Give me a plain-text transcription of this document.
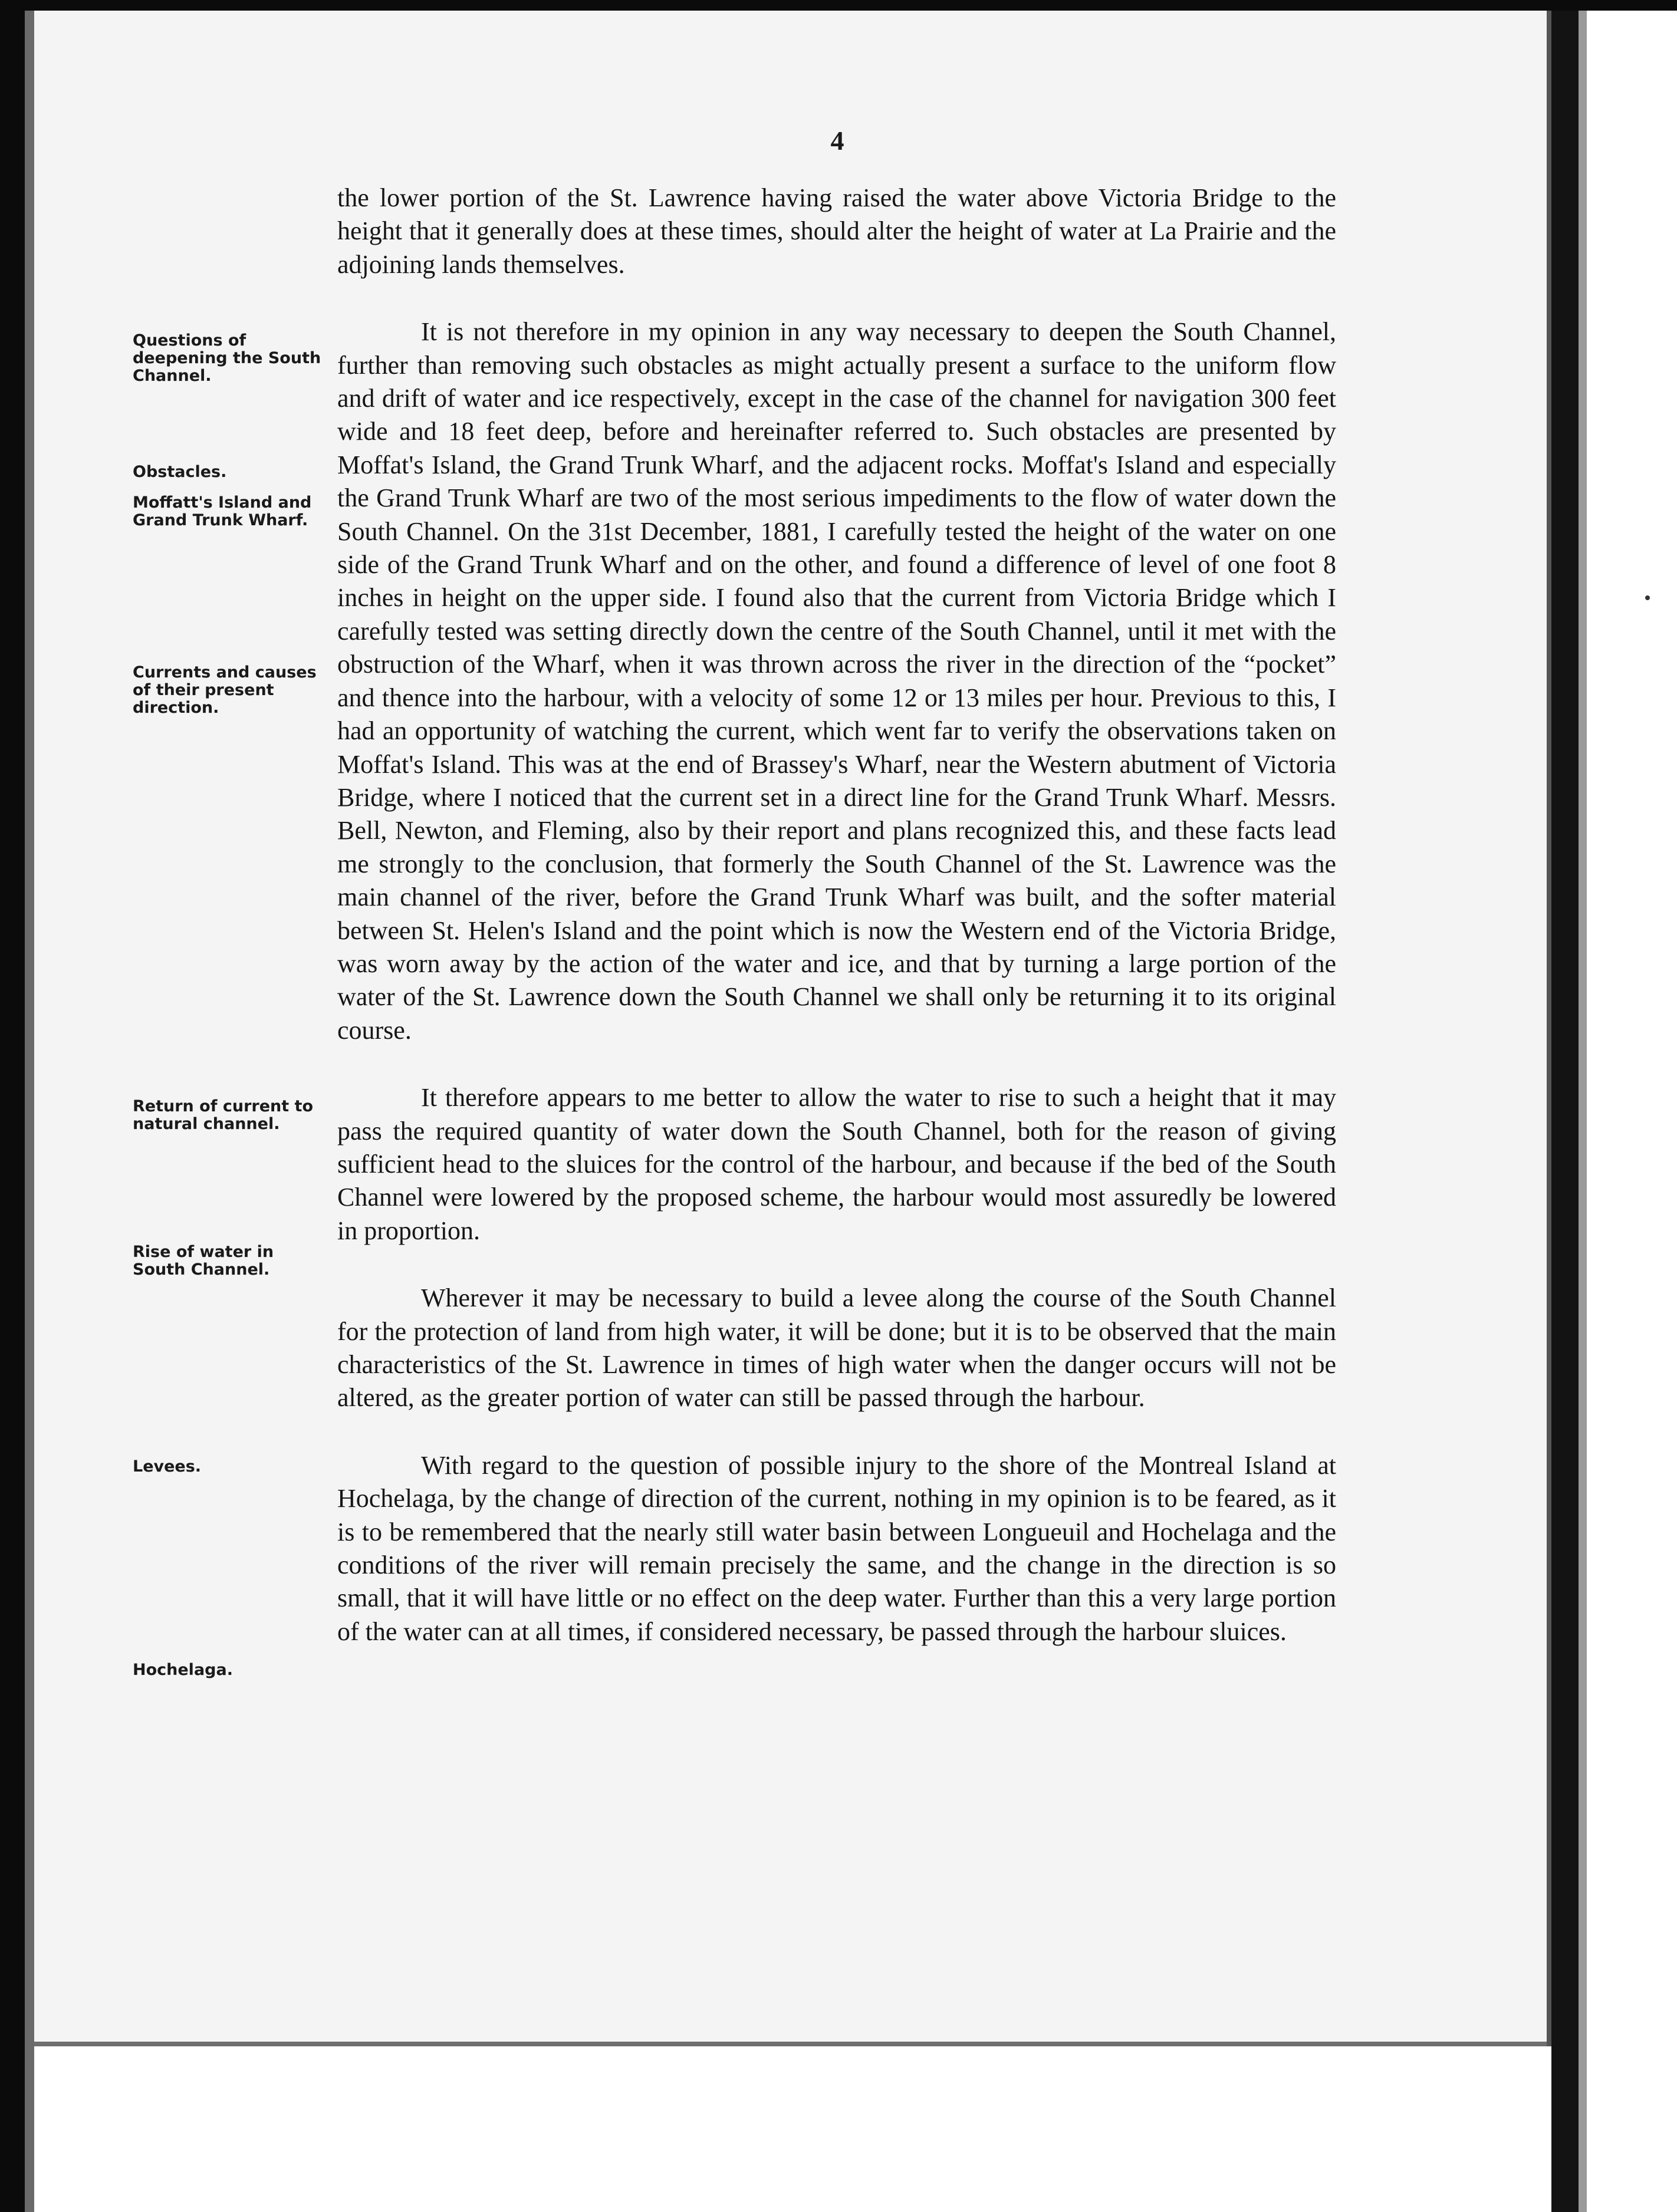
4
Questions of deepening the South Channel.
Obstacles.
Moffatt's Island and Grand Trunk Wharf.
Currents and causes of their present direction.
Return of current to natural channel.
Rise of water in South Channel.
Levees.
Hochelaga.

the lower portion of the St. Lawrence having raised the water above Victoria Bridge to the height that it generally does at these times, should alter the height of water at La Prairie and the adjoining lands themselves.

It is not therefore in my opinion in any way necessary to deepen the South Channel, further than removing such obstacles as might actually present a surface to the uniform flow and drift of water and ice respectively, except in the case of the channel for navigation 300 feet wide and 18 feet deep, before and hereinafter referred to. Such obstacles are presented by Moffat's Island, the Grand Trunk Wharf, and the adjacent rocks. Moffat's Island and especially the Grand Trunk Wharf are two of the most serious impediments to the flow of water down the South Channel. On the 31st December, 1881, I carefully tested the height of the water on one side of the Grand Trunk Wharf and on the other, and found a difference of level of one foot 8 inches in height on the upper side. I found also that the current from Victoria Bridge which I carefully tested was setting directly down the centre of the South Channel, until it met with the obstruction of the Wharf, when it was thrown across the river in the direction of the “pocket” and thence into the harbour, with a velocity of some 12 or 13 miles per hour. Previous to this, I had an opportunity of watching the current, which went far to verify the observations taken on Moffat's Island. This was at the end of Brassey's Wharf, near the Western abutment of Victoria Bridge, where I noticed that the current set in a direct line for the Grand Trunk Wharf. Messrs. Bell, Newton, and Fleming, also by their report and plans recognized this, and these facts lead me strongly to the conclusion, that formerly the South Channel of the St. Lawrence was the main channel of the river, before the Grand Trunk Wharf was built, and the softer material between St. Helen's Island and the point which is now the Western end of the Victoria Bridge, was worn away by the action of the water and ice, and that by turning a large portion of the water of the St. Lawrence down the South Channel we shall only be returning it to its original course.

It therefore appears to me better to allow the water to rise to such a height that it may pass the required quantity of water down the South Channel, both for the reason of giving sufficient head to the sluices for the control of the harbour, and because if the bed of the South Channel were lowered by the proposed scheme, the harbour would most assuredly be lowered in proportion.

Wherever it may be necessary to build a levee along the course of the South Channel for the protection of land from high water, it will be done; but it is to be observed that the main characteristics of the St. Lawrence in times of high water when the danger occurs will not be altered, as the greater portion of water can still be passed through the harbour.

With regard to the question of possible injury to the shore of the Montreal Island at Hochelaga, by the change of direction of the current, nothing in my opinion is to be feared, as it is to be remembered that the nearly still water basin between Longueuil and Hochelaga and the conditions of the river will remain precisely the same, and the change in the direction is so small, that it will have little or no effect on the deep water. Further than this a very large portion of the water can at all times, if considered necessary, be passed through the harbour sluices.
